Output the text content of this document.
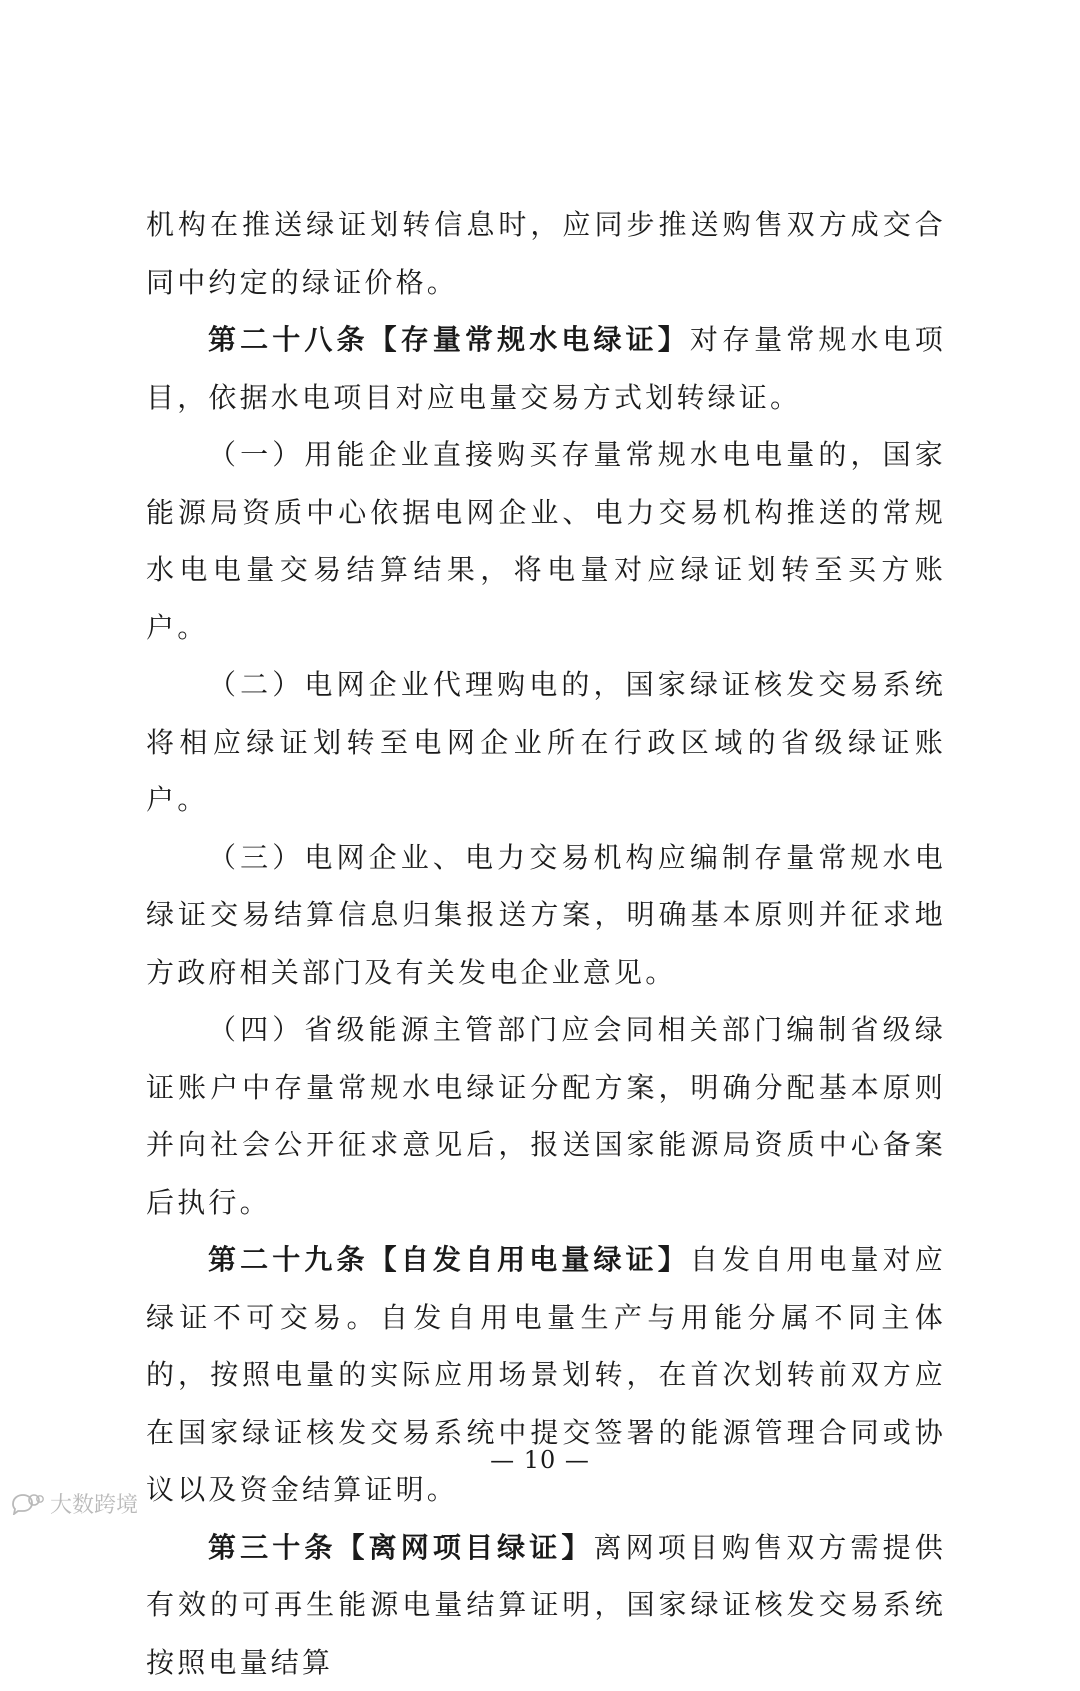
机构在推送绿证划转信息时，应同步推送购售双方成交合同中约定的绿证价格。

第二十八条【存量常规水电绿证】对存量常规水电项目，依据水电项目对应电量交易方式划转绿证。

（一）用能企业直接购买存量常规水电电量的，国家能源局资质中心依据电网企业、电力交易机构推送的常规水电电量交易结算结果，将电量对应绿证划转至买方账户。

（二）电网企业代理购电的，国家绿证核发交易系统将相应绿证划转至电网企业所在行政区域的省级绿证账户。

（三）电网企业、电力交易机构应编制存量常规水电绿证交易结算信息归集报送方案，明确基本原则并征求地方政府相关部门及有关发电企业意见。

（四）省级能源主管部门应会同相关部门编制省级绿证账户中存量常规水电绿证分配方案，明确分配基本原则并向社会公开征求意见后，报送国家能源局资质中心备案后执行。

第二十九条【自发自用电量绿证】自发自用电量对应绿证不可交易。自发自用电量生产与用能分属不同主体的，按照电量的实际应用场景划转，在首次划转前双方应在国家绿证核发交易系统中提交签署的能源管理合同或协议以及资金结算证明。

第三十条【离网项目绿证】离网项目购售双方需提供有效的可再生能源电量结算证明，国家绿证核发交易系统按照电量结算

— 10 —
大数跨境
